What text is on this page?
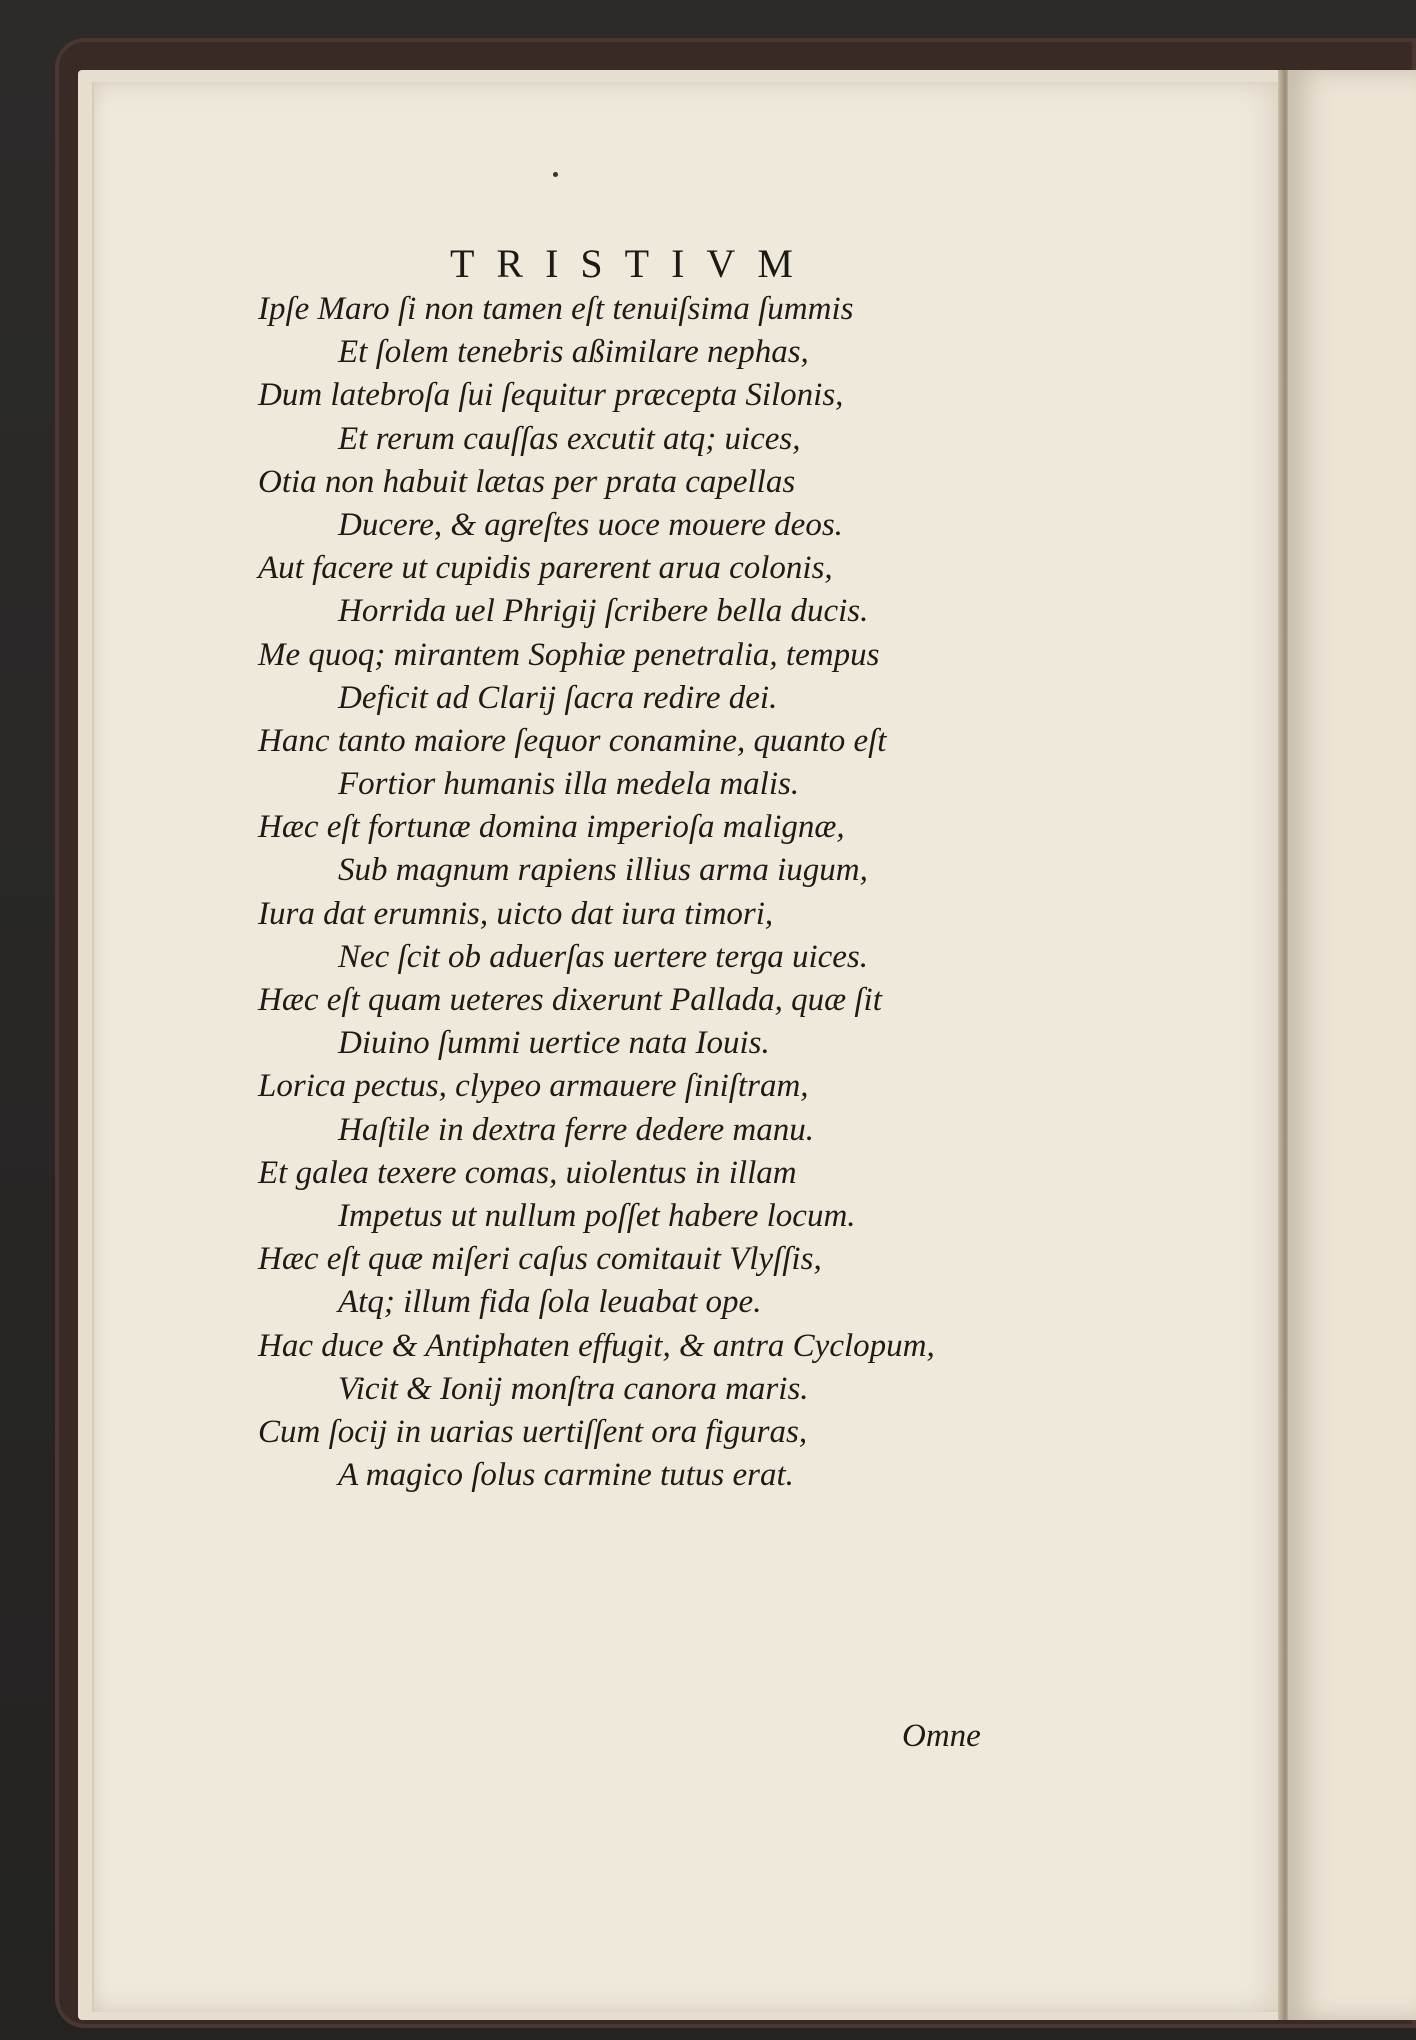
TRISTIVM
Ipſe Maro ſi non tamen eſt tenuiſsima ſummis
Et ſolem tenebris aßimilare nephas,
Dum latebroſa ſui ſequitur præcepta Silonis,
Et rerum cauſſas excutit atq; uices,
Otia non habuit lætas per prata capellas
Ducere, & agreſtes uoce mouere deos.
Aut facere ut cupidis parerent arua colonis,
Horrida uel Phrigij ſcribere bella ducis.
Me quoq; mirantem Sophiæ penetralia, tempus
Deficit ad Clarij ſacra redire dei.
Hanc tanto maiore ſequor conamine, quanto eſt
Fortior humanis illa medela malis.
Hæc eſt fortunæ domina imperioſa malignæ,
Sub magnum rapiens illius arma iugum,
Iura dat erumnis, uicto dat iura timori,
Nec ſcit ob aduerſas uertere terga uices.
Hæc eſt quam ueteres dixerunt Pallada, quæ ſit
Diuino ſummi uertice nata Iouis.
Lorica pectus, clypeo armauere ſiniſtram,
Haſtile in dextra ferre dedere manu.
Et galea texere comas, uiolentus in illam
Impetus ut nullum poſſet habere locum.
Hæc eſt quæ miſeri caſus comitauit Vlyſſis,
Atq; illum fida ſola leuabat ope.
Hac duce & Antiphaten effugit, & antra Cyclopum,
Vicit & Ionij monſtra canora maris.
Cum ſocij in uarias uertiſſent ora figuras,
A magico ſolus carmine tutus erat.
Omne
